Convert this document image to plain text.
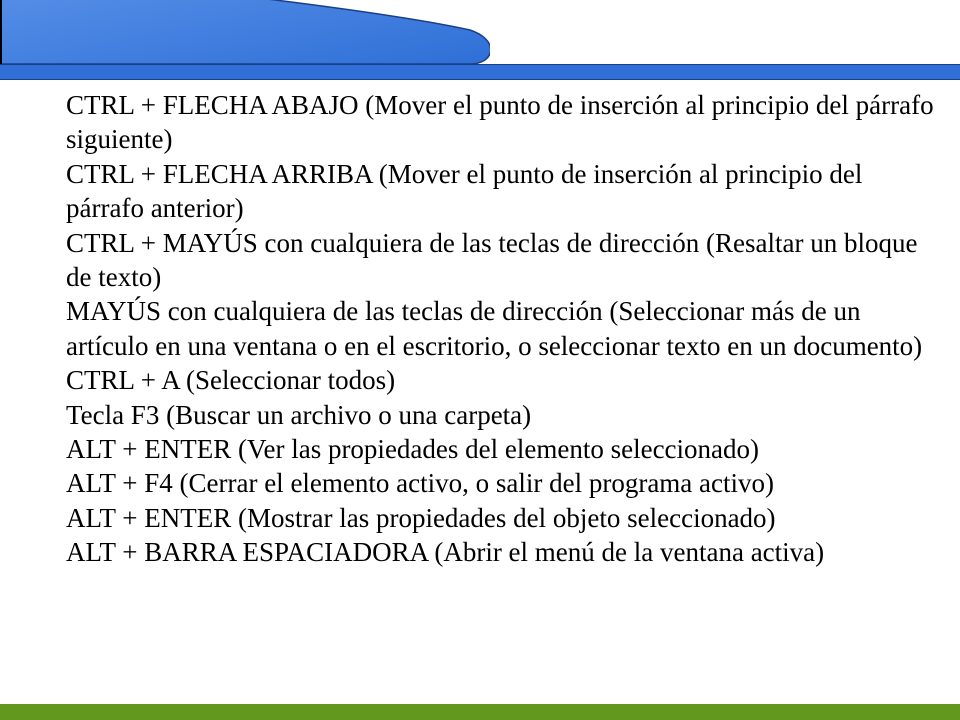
CTRL + FLECHA ABAJO (Mover el punto de inserción al principio del párrafo siguiente)
CTRL + FLECHA ARRIBA (Mover el punto de inserción al principio del párrafo anterior)
CTRL + MAYÚS con cualquiera de las teclas de dirección (Resaltar un bloque de texto)
MAYÚS con cualquiera de las teclas de dirección (Seleccionar más de un artículo en una ventana o en el escritorio, o seleccionar texto en un documento)
CTRL + A (Seleccionar todos)
Tecla F3 (Buscar un archivo o una carpeta)
ALT + ENTER (Ver las propiedades del elemento seleccionado)
ALT + F4 (Cerrar el elemento activo, o salir del programa activo)
ALT + ENTER (Mostrar las propiedades del objeto seleccionado)
ALT + BARRA ESPACIADORA (Abrir el menú de la ventana activa)
